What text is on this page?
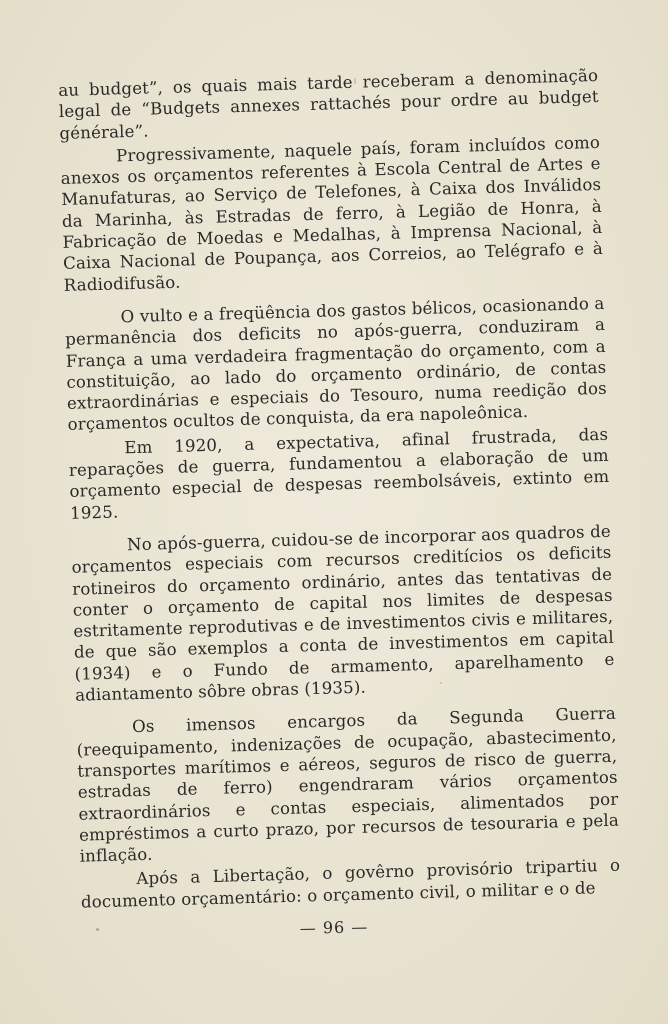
au budget”, os quais mais tarde receberam a denominação legal de “Budgets annexes rattachés pour ordre au budget générale”.

Progressivamente, naquele país, foram incluídos como anexos os orçamentos referentes à Escola Central de Artes e Manufaturas, ao Serviço de Telefones, à Caixa dos Inválidos da Marinha, às Estradas de ferro, à Legião de Honra, à Fabricação de Moedas e Medalhas, à Imprensa Nacional, à Caixa Nacional de Poupança, aos Correios, ao Telégrafo e à Radiodifusão.

O vulto e a freqüência dos gastos bélicos, ocasionando a permanência dos deficits no após-guerra, conduziram a França a uma verdadeira fragmentação do orçamento, com a constituição, ao lado do orçamento ordinário, de contas extraordinárias e especiais do Tesouro, numa reedição dos orçamentos ocultos de conquista, da era napoleônica.

Em 1920, a expectativa, afinal frustrada, das reparações de guerra, fundamentou a elaboração de um orçamento especial de despesas reembolsáveis, extinto em 1925.

No após-guerra, cuidou-se de incorporar aos quadros de orçamentos especiais com recursos creditícios os deficits rotineiros do orçamento ordinário, antes das tentativas de conter o orçamento de capital nos limites de despesas estritamente reprodutivas e de investimentos civis e militares, de que são exemplos a conta de investimentos em capital (1934) e o Fundo de armamento, aparelhamento e adiantamento sôbre obras (1935).

Os imensos encargos da Segunda Guerra (reequipamento, indenizações de ocupação, abastecimento, transportes marítimos e aéreos, seguros de risco de guerra, estradas de ferro) engendraram vários orçamentos extraordinários e contas especiais, alimentados por empréstimos a curto prazo, por recursos de tesouraria e pela inflação.

Após a Libertação, o govêrno provisório tripartiu o documento orçamentário: o orçamento civil, o militar e o de

— 96 —
